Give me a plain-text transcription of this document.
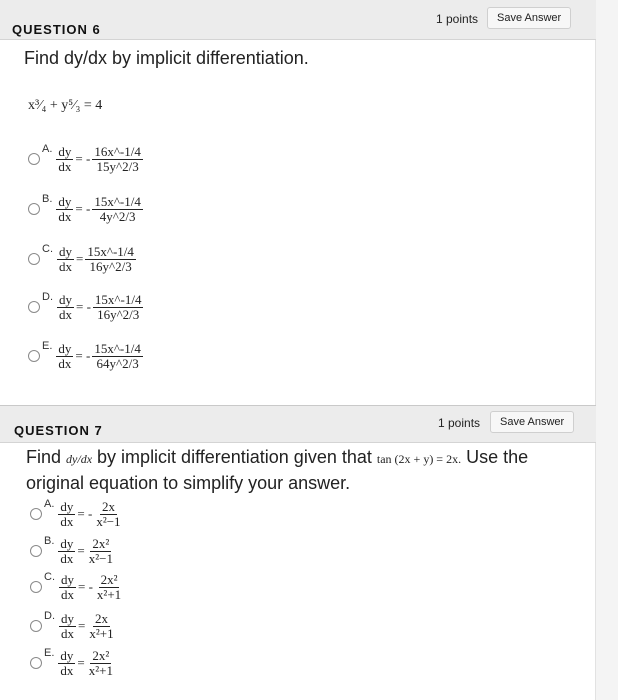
QUESTION 6
1 points	Save Answer
Find dy/dx by implicit differentiation.
x³⁄₄ + y⁵⁄₃ = 4
A. $\frac{dy}{dx}$ = - $\frac{16x\^{}-1/4}{15y\^{}2/3}$
B. $\frac{dy}{dx}$ = - $\frac{15x\^{}-1/4}{4y\^{}2/3}$
C. $\frac{dy}{dx} = \frac{15x\^{}-1/4}{16y\^{}2/3}$
D. $\frac{dy}{dx}$ = - $\frac{15x\^{}-1/4}{16y\^{}2/3}$
E. $\frac{dy}{dx}$ = - $\frac{15x\^{}-1/4}{64y\^{}2/3}$
QUESTION 7	1 points	Save Answer
Find dy/dx by implicit differentiation given that tan (2x + y) = 2x. Use the original equation to simplify your answer.
A. $\frac{dy}{dx}$ = - $\frac{2x}{\text{x²−1}}$
B. $\frac{dy}{dx} = \frac{\text{2x²}}{\text{x²−1}}$
C. $\frac{dy}{dx}$ = - $\frac{\text{2x²}}{\text{x²+1}}$
D. $\frac{dy}{dx} = \frac{2x}{\text{x²+1}}$
E. $\frac{dy}{dx} = \frac{\text{2x²}}{\text{x²+1}}$
